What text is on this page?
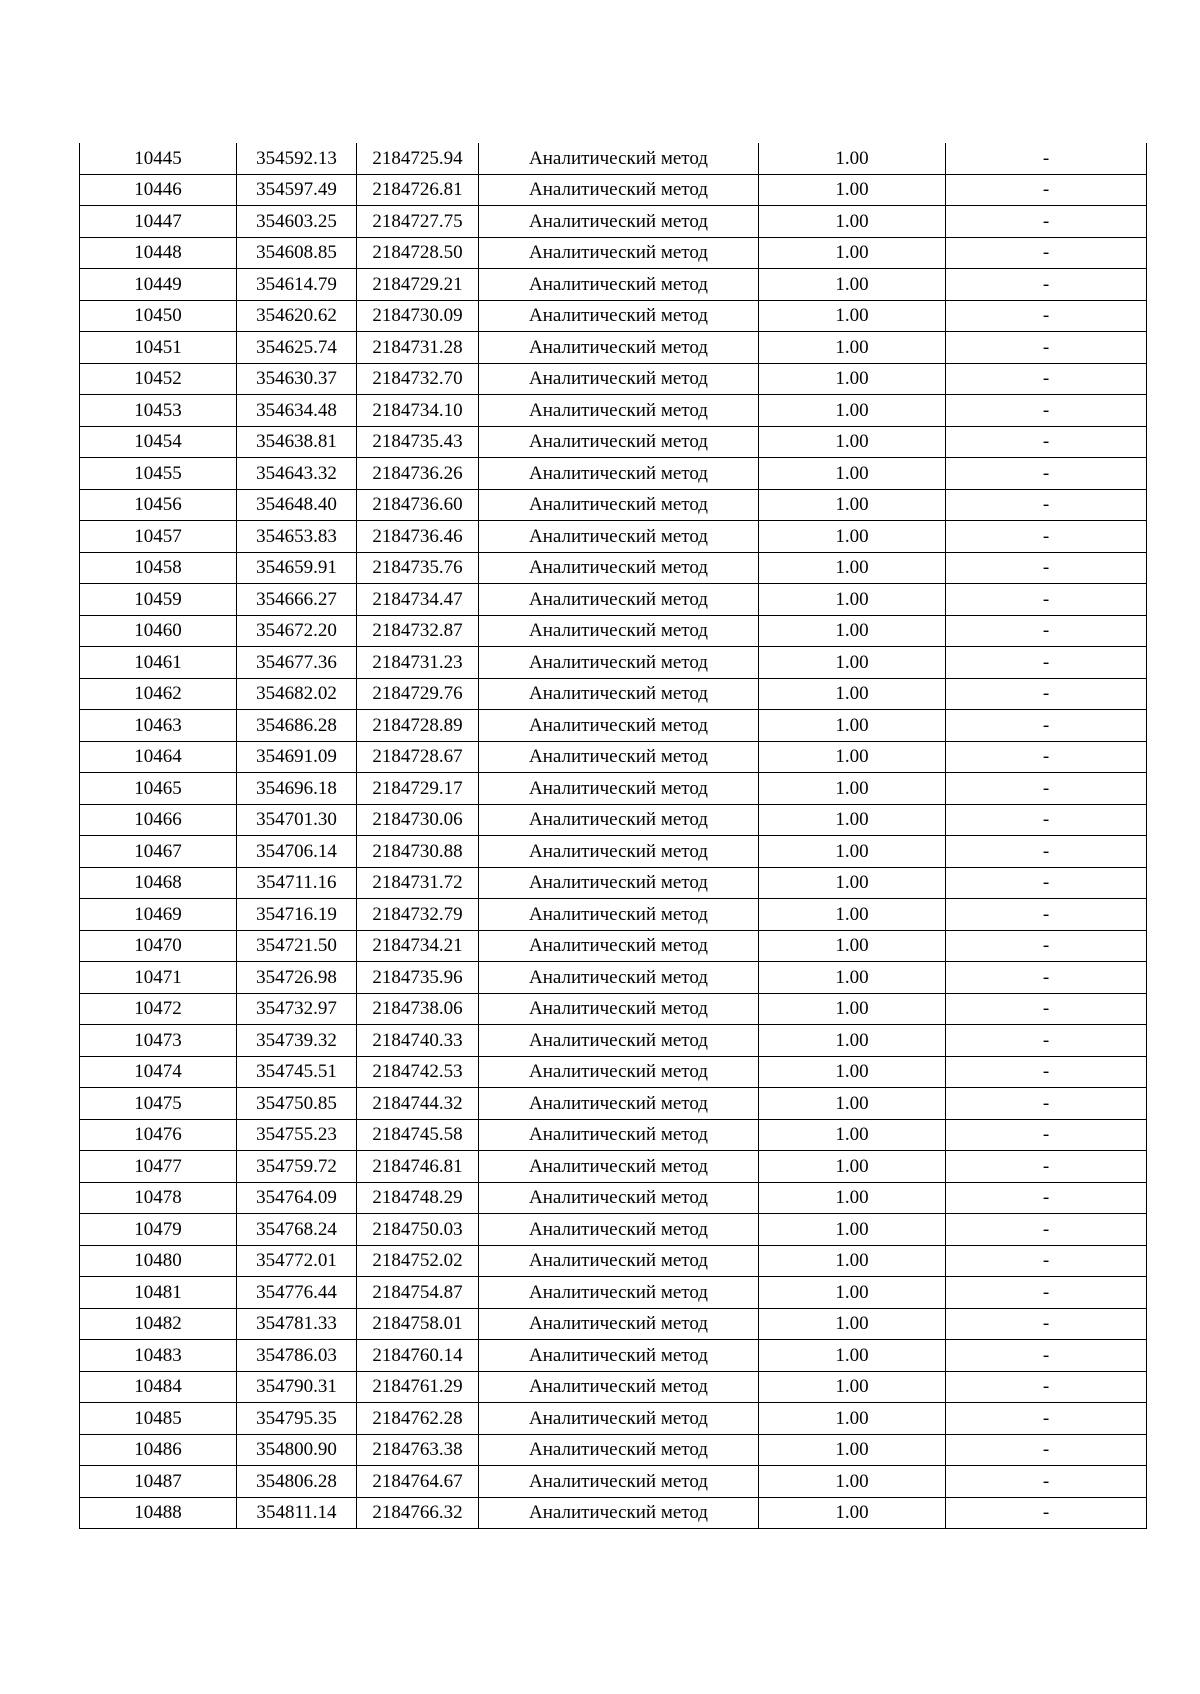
10445	354592.13	2184725.94	Аналитический метод	1.00	-
10446	354597.49	2184726.81	Аналитический метод	1.00	-
10447	354603.25	2184727.75	Аналитический метод	1.00	-
10448	354608.85	2184728.50	Аналитический метод	1.00	-
10449	354614.79	2184729.21	Аналитический метод	1.00	-
10450	354620.62	2184730.09	Аналитический метод	1.00	-
10451	354625.74	2184731.28	Аналитический метод	1.00	-
10452	354630.37	2184732.70	Аналитический метод	1.00	-
10453	354634.48	2184734.10	Аналитический метод	1.00	-
10454	354638.81	2184735.43	Аналитический метод	1.00	-
10455	354643.32	2184736.26	Аналитический метод	1.00	-
10456	354648.40	2184736.60	Аналитический метод	1.00	-
10457	354653.83	2184736.46	Аналитический метод	1.00	-
10458	354659.91	2184735.76	Аналитический метод	1.00	-
10459	354666.27	2184734.47	Аналитический метод	1.00	-
10460	354672.20	2184732.87	Аналитический метод	1.00	-
10461	354677.36	2184731.23	Аналитический метод	1.00	-
10462	354682.02	2184729.76	Аналитический метод	1.00	-
10463	354686.28	2184728.89	Аналитический метод	1.00	-
10464	354691.09	2184728.67	Аналитический метод	1.00	-
10465	354696.18	2184729.17	Аналитический метод	1.00	-
10466	354701.30	2184730.06	Аналитический метод	1.00	-
10467	354706.14	2184730.88	Аналитический метод	1.00	-
10468	354711.16	2184731.72	Аналитический метод	1.00	-
10469	354716.19	2184732.79	Аналитический метод	1.00	-
10470	354721.50	2184734.21	Аналитический метод	1.00	-
10471	354726.98	2184735.96	Аналитический метод	1.00	-
10472	354732.97	2184738.06	Аналитический метод	1.00	-
10473	354739.32	2184740.33	Аналитический метод	1.00	-
10474	354745.51	2184742.53	Аналитический метод	1.00	-
10475	354750.85	2184744.32	Аналитический метод	1.00	-
10476	354755.23	2184745.58	Аналитический метод	1.00	-
10477	354759.72	2184746.81	Аналитический метод	1.00	-
10478	354764.09	2184748.29	Аналитический метод	1.00	-
10479	354768.24	2184750.03	Аналитический метод	1.00	-
10480	354772.01	2184752.02	Аналитический метод	1.00	-
10481	354776.44	2184754.87	Аналитический метод	1.00	-
10482	354781.33	2184758.01	Аналитический метод	1.00	-
10483	354786.03	2184760.14	Аналитический метод	1.00	-
10484	354790.31	2184761.29	Аналитический метод	1.00	-
10485	354795.35	2184762.28	Аналитический метод	1.00	-
10486	354800.90	2184763.38	Аналитический метод	1.00	-
10487	354806.28	2184764.67	Аналитический метод	1.00	-
10488	354811.14	2184766.32	Аналитический метод	1.00	-
